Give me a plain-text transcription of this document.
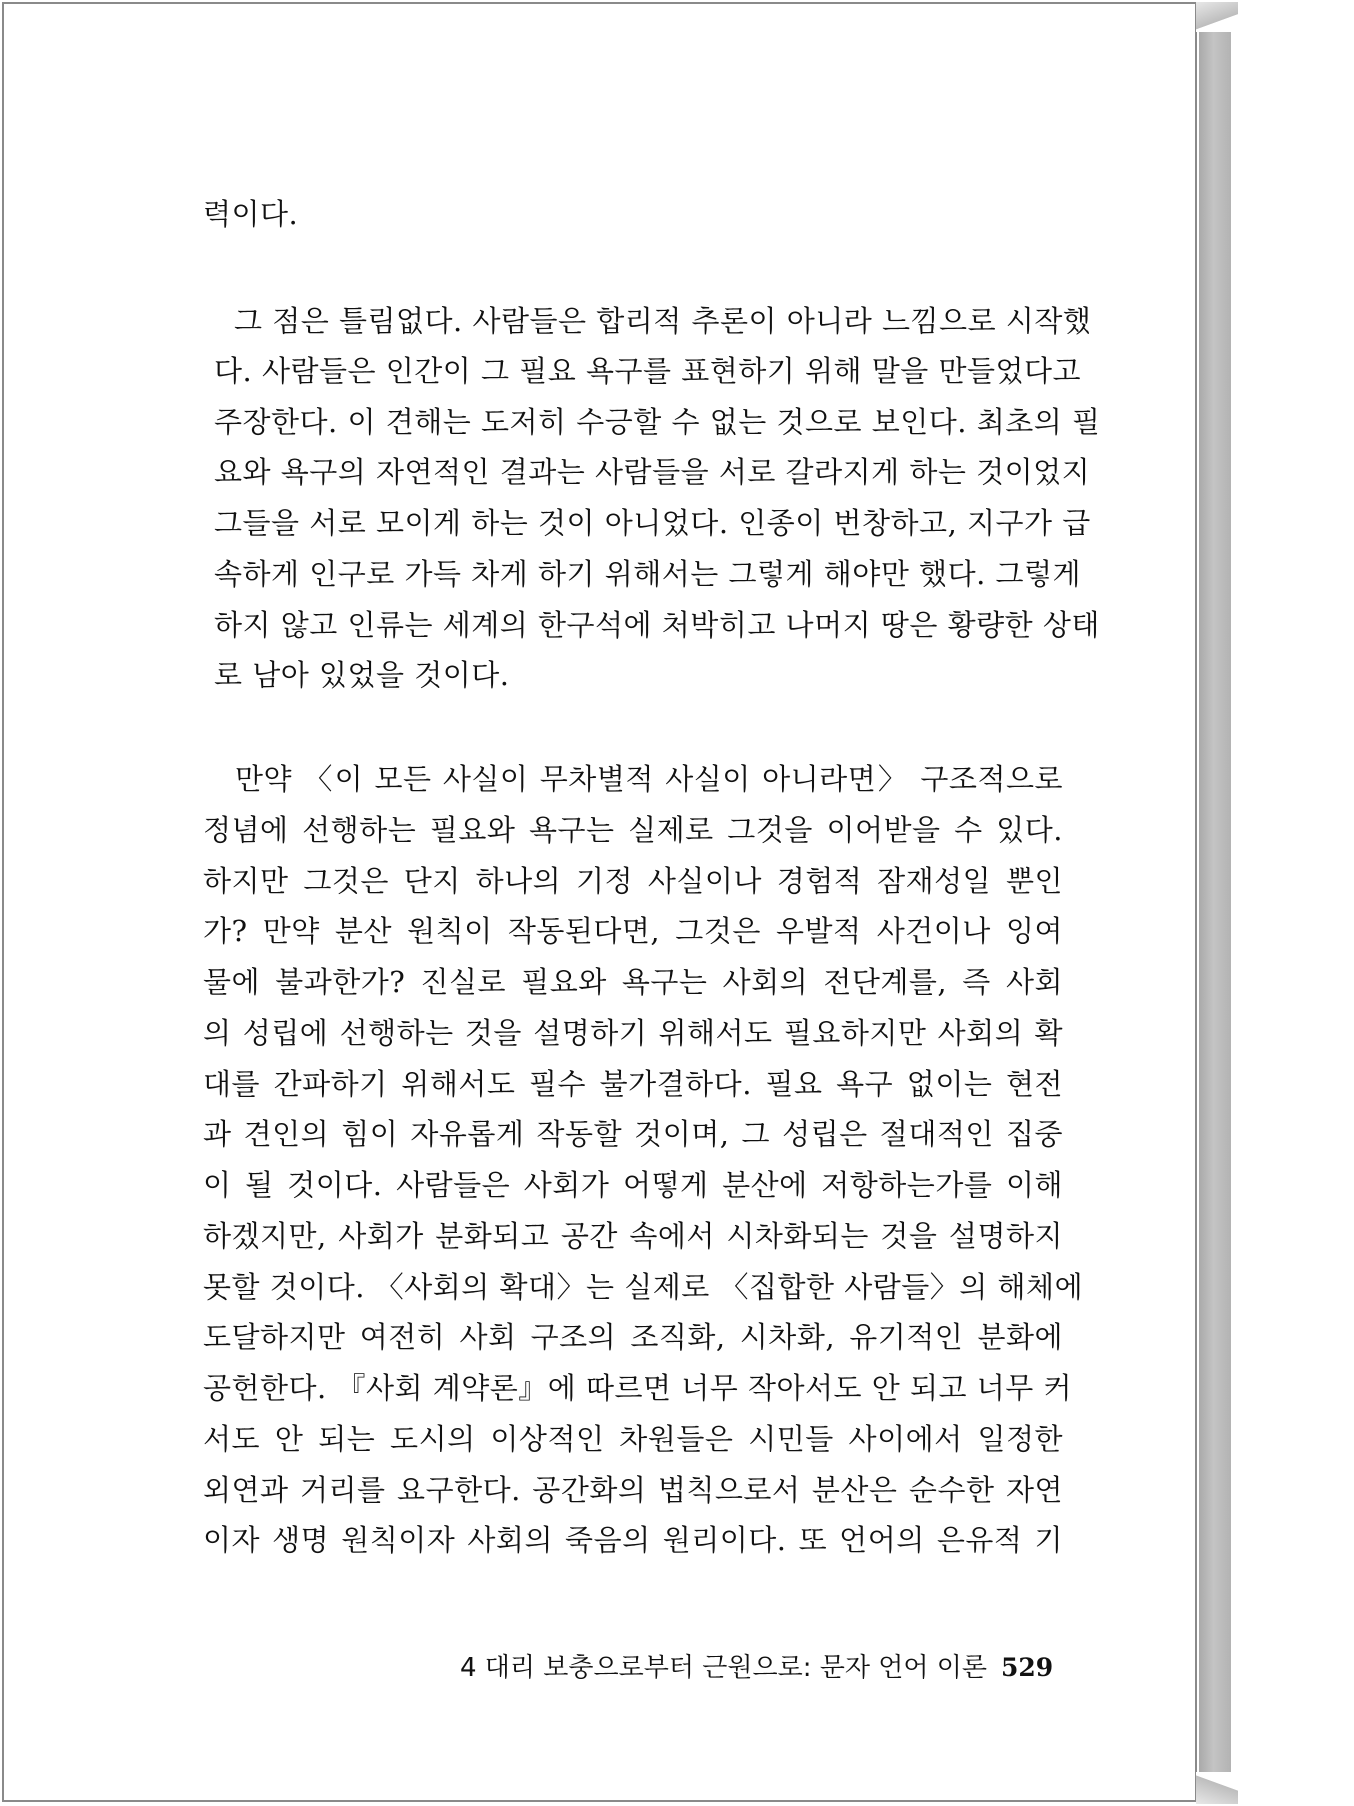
력이다.
그 점은 틀림없다. 사람들은 합리적 추론이 아니라 느낌으로 시작했
다. 사람들은 인간이 그 필요 욕구를 표현하기 위해 말을 만들었다고
주장한다. 이 견해는 도저히 수긍할 수 없는 것으로 보인다. 최초의 필
요와 욕구의 자연적인 결과는 사람들을 서로 갈라지게 하는 것이었지
그들을 서로 모이게 하는 것이 아니었다. 인종이 번창하고, 지구가 급
속하게 인구로 가득 차게 하기 위해서는 그렇게 해야만 했다. 그렇게
하지 않고 인류는 세계의 한구석에 처박히고 나머지 땅은 황량한 상태
로 남아 있었을 것이다.
만약 〈이 모든 사실이 무차별적 사실이 아니라면〉 구조적으로
정념에 선행하는 필요와 욕구는 실제로 그것을 이어받을 수 있다.
하지만 그것은 단지 하나의 기정 사실이나 경험적 잠재성일 뿐인
가? 만약 분산 원칙이 작동된다면, 그것은 우발적 사건이나 잉여
물에 불과한가? 진실로 필요와 욕구는 사회의 전단계를, 즉 사회
의 성립에 선행하는 것을 설명하기 위해서도 필요하지만 사회의 확
대를 간파하기 위해서도 필수 불가결하다. 필요 욕구 없이는 현전
과 견인의 힘이 자유롭게 작동할 것이며, 그 성립은 절대적인 집중
이 될 것이다. 사람들은 사회가 어떻게 분산에 저항하는가를 이해
하겠지만, 사회가 분화되고 공간 속에서 시차화되는 것을 설명하지
못할 것이다. 〈사회의 확대〉는 실제로 〈집합한 사람들〉의 해체에
도달하지만 여전히 사회 구조의 조직화, 시차화, 유기적인 분화에
공헌한다. 『사회 계약론』에 따르면 너무 작아서도 안 되고 너무 커
서도 안 되는 도시의 이상적인 차원들은 시민들 사이에서 일정한
외연과 거리를 요구한다. 공간화의 법칙으로서 분산은 순수한 자연
이자 생명 원칙이자 사회의 죽음의 원리이다. 또 언어의 은유적 기
4 대리 보충으로부터 근원으로: 문자 언어 이론 529
